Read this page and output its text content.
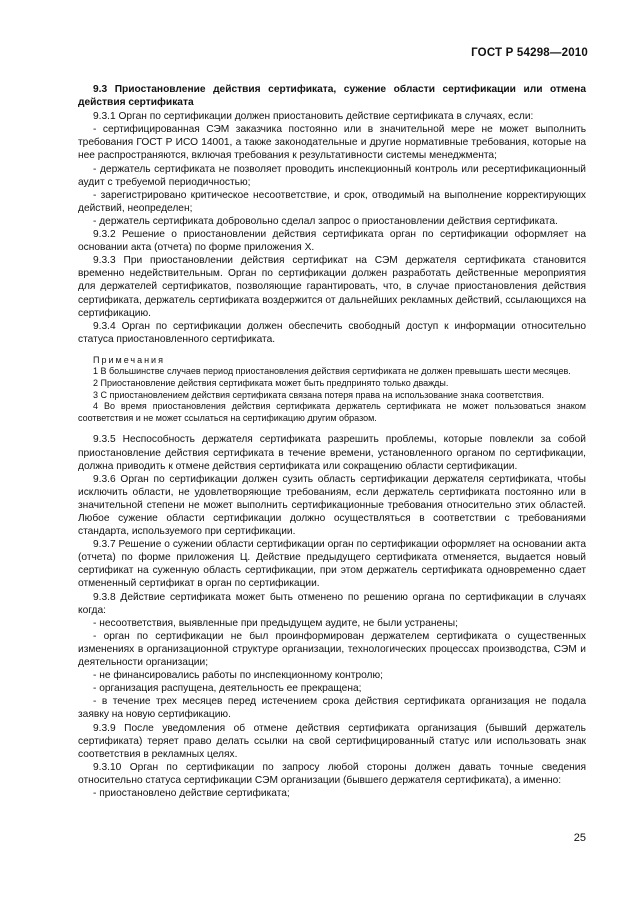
ГОСТ Р 54298—2010

9.3 Приостановление действия сертификата, сужение области сертификации или отмена действия сертификата

9.3.1 Орган по сертификации должен приостановить действие сертификата в случаях, если:

- сертифицированная СЭМ заказчика постоянно или в значительной мере не может выполнить требования ГОСТ Р ИСО 14001, а также законодательные и другие нормативные требования, которые на нее распространяются, включая требования к результативности системы менеджмента;

- держатель сертификата не позволяет проводить инспекционный контроль или ресертификационный аудит с требуемой периодичностью;

- зарегистрировано критическое несоответствие, и срок, отводимый на выполнение корректирующих действий, неопределен;

- держатель сертификата добровольно сделал запрос о приостановлении действия сертификата.

9.3.2 Решение о приостановлении действия сертификата орган по сертификации оформляет на основании акта (отчета) по форме приложения Х.

9.3.3 При приостановлении действия сертификат на СЭМ держателя сертификата становится временно недействительным. Орган по сертификации должен разработать действенные мероприятия для держателей сертификатов, позволяющие гарантировать, что, в случае приостановления действия сертификата, держатель сертификата воздержится от дальнейших рекламных действий, ссылающихся на сертификацию.

9.3.4 Орган по сертификации должен обеспечить свободный доступ к информации относительно статуса приостановленного сертификата.

Примечания

1 В большинстве случаев период приостановления действия сертификата не должен превышать шести месяцев.

2 Приостановление действия сертификата может быть предпринято только дважды.

3 С приостановлением действия сертификата связана потеря права на использование знака соответствия.

4 Во время приостановления действия сертификата держатель сертификата не может пользоваться знаком соответствия и не может ссылаться на сертификацию другим образом.

9.3.5 Неспособность держателя сертификата разрешить проблемы, которые повлекли за собой приостановление действия сертификата в течение времени, установленного органом по сертификации, должна приводить к отмене действия сертификата или сокращению области сертификации.

9.3.6 Орган по сертификации должен сузить область сертификации держателя сертификата, чтобы исключить области, не удовлетворяющие требованиям, если держатель сертификата постоянно или в значительной степени не может выполнить сертификационные требования относительно этих областей. Любое сужение области сертификации должно осуществляться в соответствии с требованиями стандарта, используемого при сертификации.

9.3.7 Решение о сужении области сертификации орган по сертификации оформляет на основании акта (отчета) по форме приложения Ц. Действие предыдущего сертификата отменяется, выдается новый сертификат на суженную область сертификации, при этом держатель сертификата одновременно сдает отмененный сертификат в орган по сертификации.

9.3.8 Действие сертификата может быть отменено по решению органа по сертификации в случаях когда:

- несоответствия, выявленные при предыдущем аудите, не были устранены;

- орган по сертификации не был проинформирован держателем сертификата о существенных изменениях в организационной структуре организации, технологических процессах производства, СЭМ и деятельности организации;

- не финансировались работы по инспекционному контролю;

- организация распущена, деятельность ее прекращена;

- в течение трех месяцев перед истечением срока действия сертификата организация не подала заявку на новую сертификацию.

9.3.9 После уведомления об отмене действия сертификата организация (бывший держатель сертификата) теряет право делать ссылки на свой сертифицированный статус или использовать знак соответствия в рекламных целях.

9.3.10 Орган по сертификации по запросу любой стороны должен давать точные сведения относительно статуса сертификации СЭМ организации (бывшего держателя сертификата), а именно:

- приостановлено действие сертификата;

25
